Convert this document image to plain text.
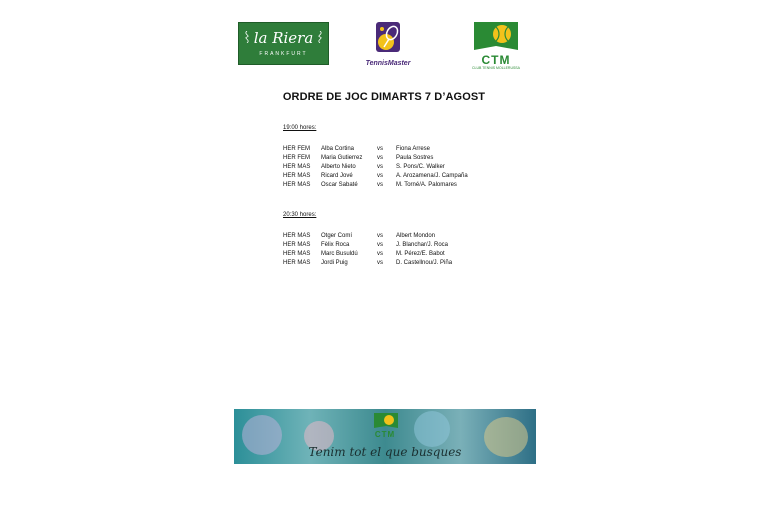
la Riera
FRANKFURT
TennisMaster	CTM
CLUB TENNIS MOLLERUSSA
ORDRE DE JOC DIMARTS 7 D’AGOST
19:00 hores:
HER FEM Alba Cortina	vs Fiona Arrese
HER FEM Maria Gutierrez vs Paula Sostres
HER MAS Alberto Nieto	vs S. Pons/C. Walker
HER MAS Ricard Jové	vs A. Arozamena/J. Campaña
HER MAS Oscar Sabaté	vs M. Torné/A. Palomares
20:30 hores:
HER MAS Otger Comí	vs Albert Mondon
HER MAS Fèlix Roca	vs J. Blanchar/J. Roca
HER MAS Marc Busuldú	vs M. Pérez/E. Babot
HER MAS Jordi Puig	vs D. Castellnou/J. Piña
CTM
Tenim tot el que busques
